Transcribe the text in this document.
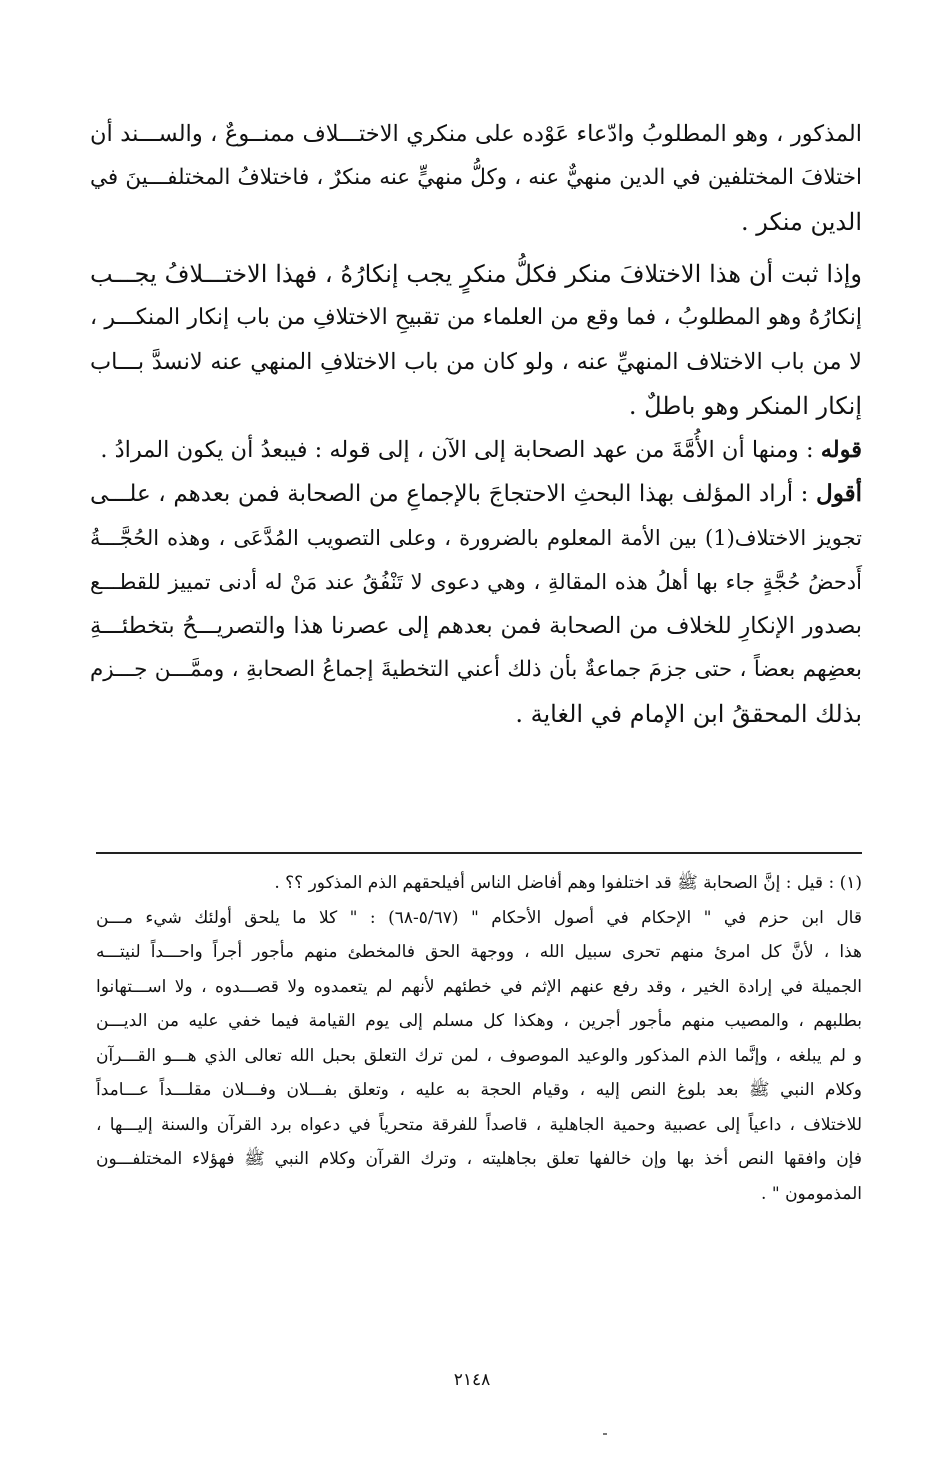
المذكور ، وهو المطلوبُ وادّعاء عَوْده على منكري الاختـــلاف ممنــوعٌ ، والســـند أن
اختلافَ المختلفين في الدين منهيٌّ عنه ، وكلُّ منهيٍّ عنه منكرٌ ، فاختلافُ المختلفـــينَ في
الدين منكر .
وإذا ثبت أن هذا الاختلافَ منكر فكلُّ منكرٍ يجب إنكارُهُ ، فهذا الاختـــلافُ يجـــب
إنكارُهُ وهو المطلوبُ ، فما وقع من العلماء من تقبيحِ الاختلافِ من باب إنكار المنكـــر ،
لا من باب الاختلاف المنهيِّ عنه ، ولو كان من باب الاختلافِ المنهي عنه لانسدَّ بـــاب
إنكار المنكر وهو باطلٌ .
قوله : ومنها أن الأُمَّةَ من عهد الصحابة إلى الآن ، إلى قوله : فيبعدُ أن يكون المرادُ .
أقول : أراد المؤلف بهذا البحثِ الاحتجاجَ بالإجماعِ من الصحابة فمن بعدهم ، علـــى
تجويز الاختلاف(1) بين الأمة المعلوم بالضرورة ، وعلى التصويب المُدَّعَى ، وهذه الحُجَّـــةُ
أَدحضُ حُجَّةٍ جاء بها أهلُ هذه المقالةِ ، وهي دعوى لا تَنْفُقُ عند مَنْ له أدنى تمييز للقطـــع
بصدور الإنكارِ للخلاف من الصحابة فمن بعدهم إلى عصرنا هذا والتصريـــحُ بتخطئـــةِ
بعضِهم بعضاً ، حتى جزمَ جماعةٌ بأن ذلك أعني التخطيةَ إجماعُ الصحابةِ ، وممَّـــن جـــزم
بذلك المحققُ ابن الإمام في الغاية .
(١) : قيل : إنَّ الصحابة ﷺ قد اختلفوا وهم أفاضل الناس أفيلحقهم الذم المذكور ؟؟ .
قال ابن حزم في " الإحكام في أصول الأحكام " (٥/٦٧-٦٨) : " كلا ما يلحق أولئك شيء مـــن
هذا ، لأنَّ كل امرئ منهم تحرى سبيل الله ، ووجهة الحق فالمخطئ منهم مأجور أجراً واحـــداً لنيتـــه
الجميلة في إرادة الخير ، وقد رفع عنهم الإثم في خطئهم لأنهم لم يتعمدوه ولا قصـــدوه ، ولا اســـتهانوا
بطلبهم ، والمصيب منهم مأجور أجرين ، وهكذا كل مسلم إلى يوم القيامة فيما خفي عليه من الديـــن
و لم يبلغه ، وإنَّما الذم المذكور والوعيد الموصوف ، لمن ترك التعلق بحبل الله تعالى الذي هـــو القـــرآن
وكلام النبي ﷺ بعد بلوغ النص إليه ، وقيام الحجة به عليه ، وتعلق بفـــلان وفـــلان مقلـــداً عـــامداً
للاختلاف ، داعياً إلى عصبية وحمية الجاهلية ، قاصداً للفرقة متحرياً في دعواه برد القرآن والسنة إليـــها ،
فإن وافقها النص أخذ بها وإن خالفها تعلق بجاهليته ، وترك القرآن وكلام النبي ﷺ فهؤلاء المختلفـــون
المذمومون " .
٢١٤٨
